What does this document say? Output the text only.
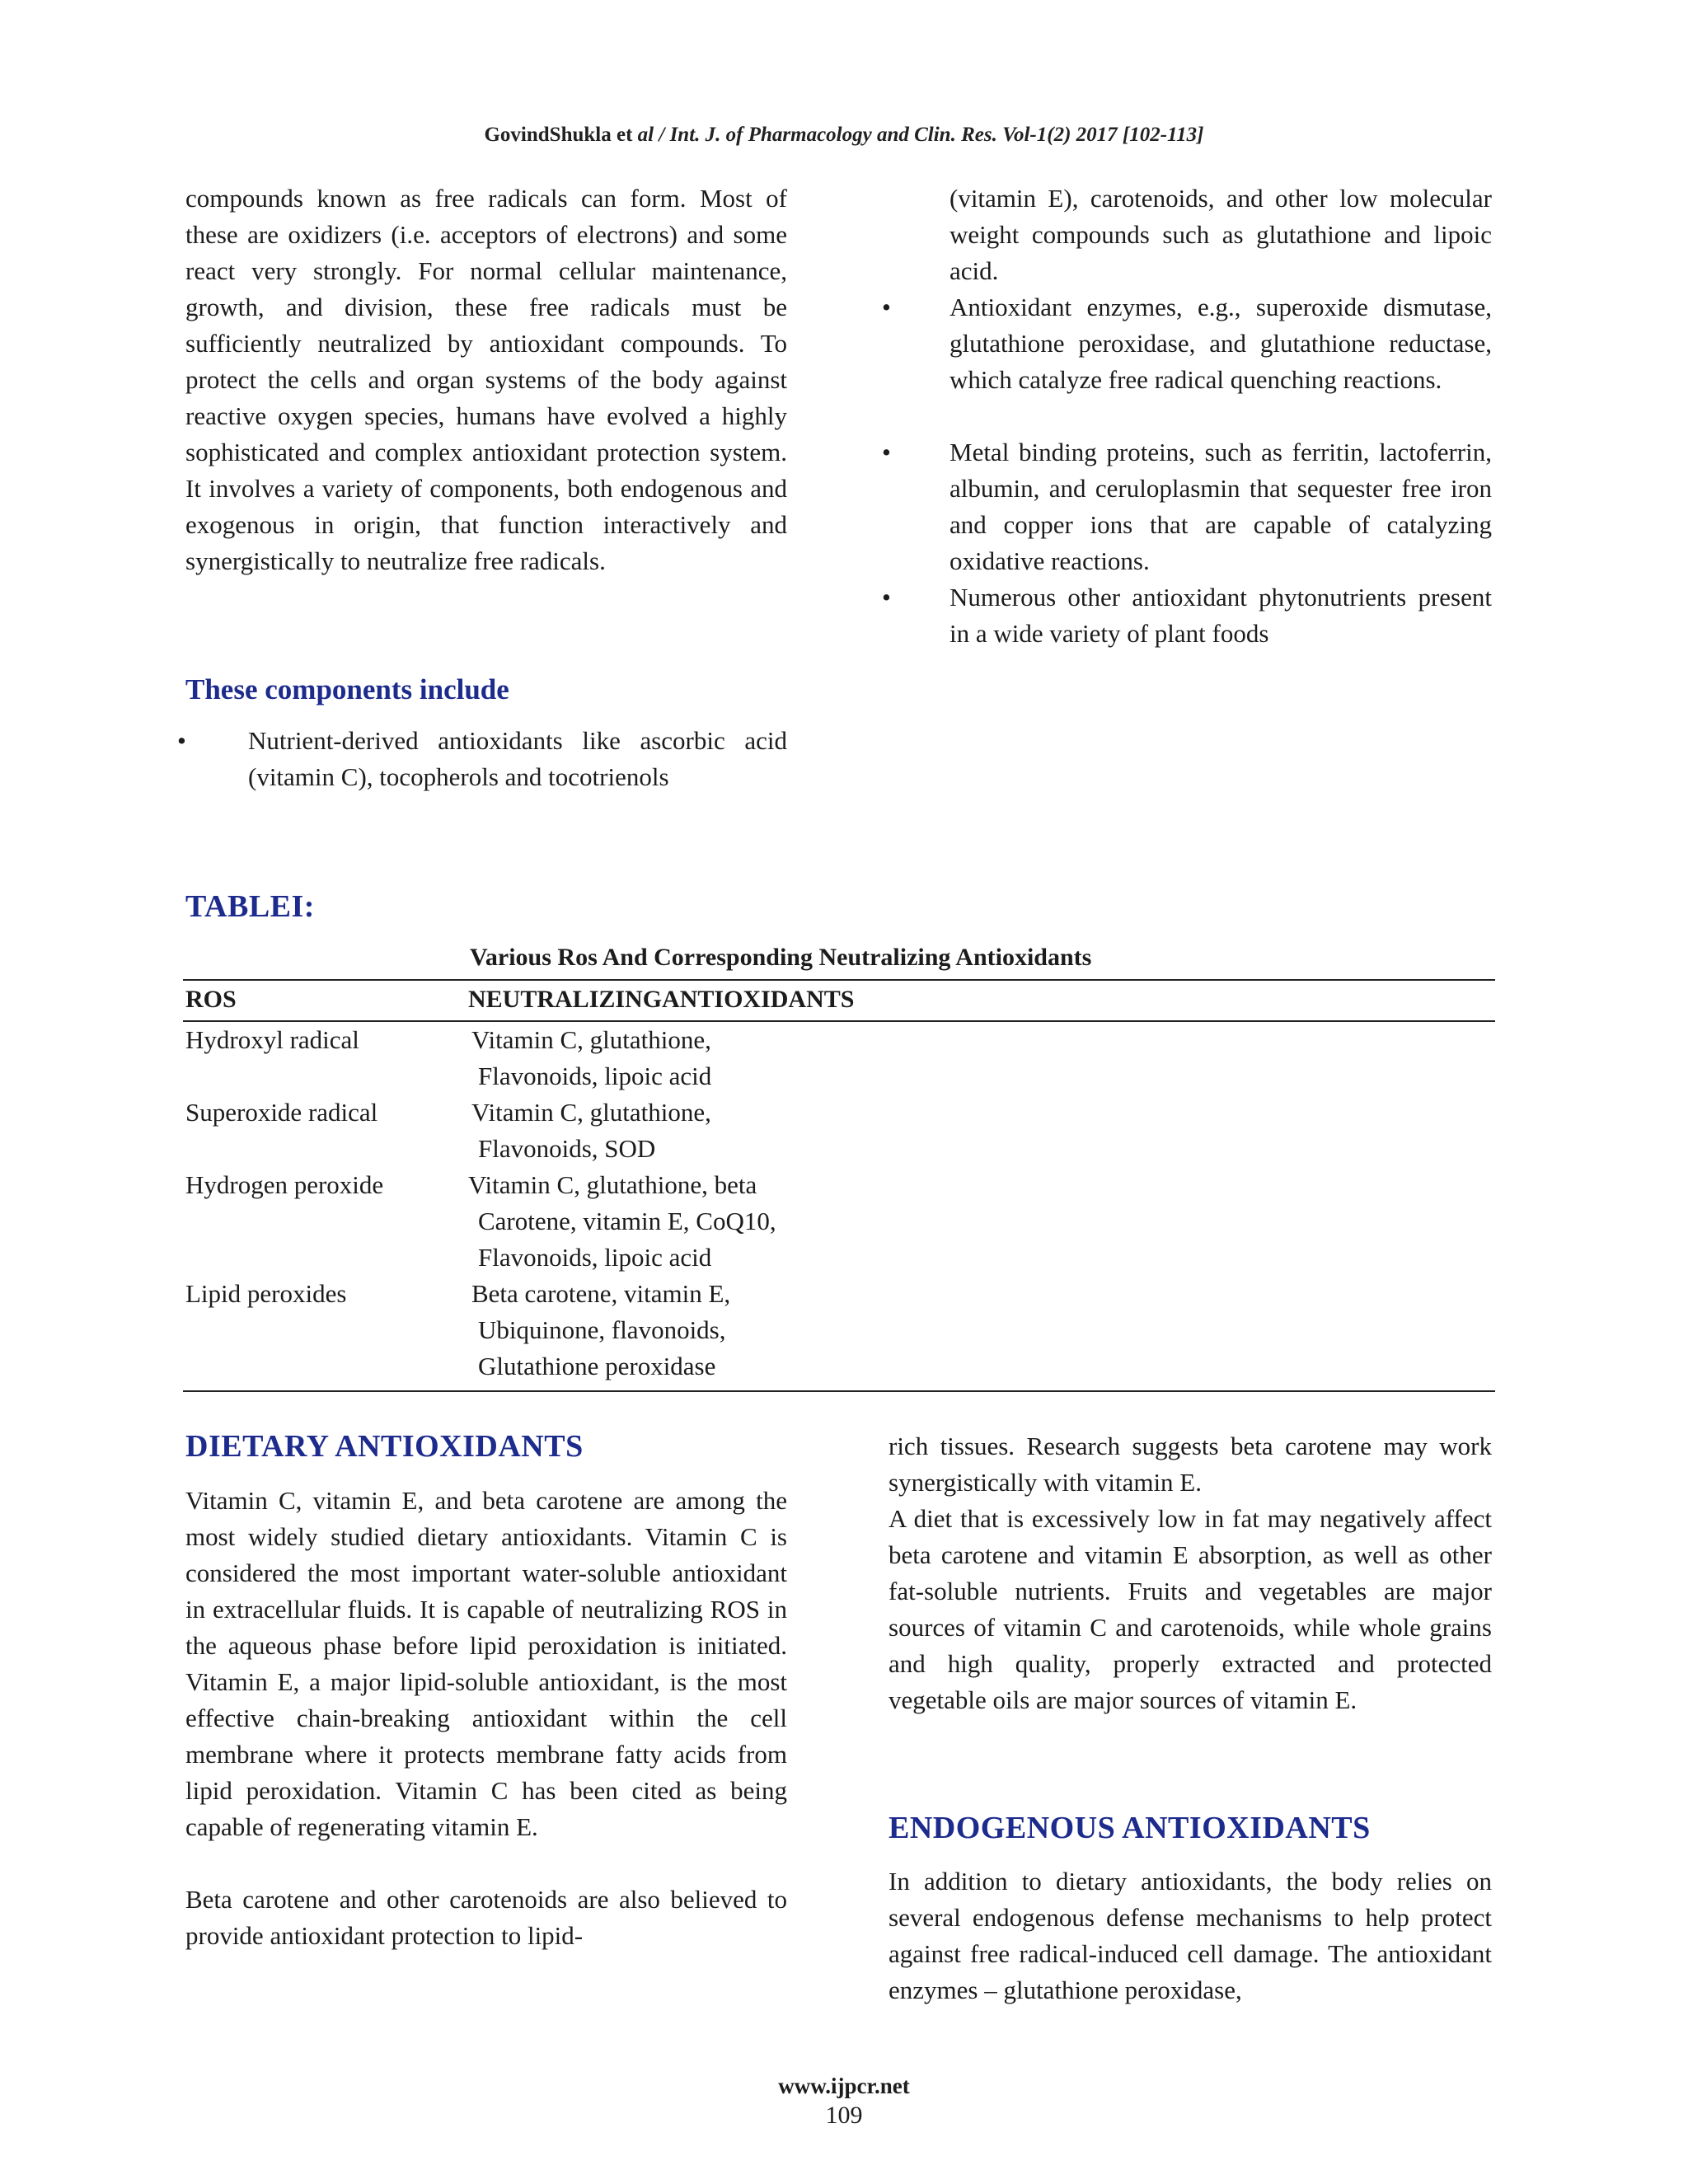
GovindShukla et al / Int. J. of Pharmacology and Clin. Res. Vol-1(2) 2017 [102-113]

compounds known as free radicals can form. Most of these are oxidizers (i.e. acceptors of electrons) and some react very strongly. For normal cellular maintenance, growth, and division, these free radicals must be sufficiently neutralized by antioxidant compounds. To protect the cells and organ systems of the body against reactive oxygen species, humans have evolved a highly sophisticated and complex antioxidant protection system. It involves a variety of components, both endogenous and exogenous in origin, that function interactively and synergistically to neutralize free radicals.

These components include
• Nutrient-derived antioxidants like ascorbic acid (vitamin C), tocopherols and tocotrienols

(vitamin E), carotenoids, and other low molecular weight compounds such as glutathione and lipoic acid.

• Antioxidant enzymes, e.g., superoxide dismutase, glutathione peroxidase, and glutathione reductase, which catalyze free radical quenching reactions.

• Metal binding proteins, such as ferritin, lactoferrin, albumin, and ceruloplasmin that sequester free iron and copper ions that are capable of catalyzing oxidative reactions.

• Numerous other antioxidant phytonutrients present in a wide variety of plant foods

TABLEI:
Various Ros And Corresponding Neutralizing Antioxidants
ROS	NEUTRALIZINGANTIOXIDANTS
Hydroxyl radical	Vitamin C, glutathione,
Flavonoids, lipoic acid
Superoxide radical	Vitamin C, glutathione,
Flavonoids, SOD
Hydrogen peroxide	Vitamin C, glutathione, beta
Carotene, vitamin E, CoQ10,
Flavonoids, lipoic acid
Lipid peroxides	Beta carotene, vitamin E,
Ubiquinone, flavonoids,
Glutathione peroxidase
DIETARY ANTIOXIDANTS

Vitamin C, vitamin E, and beta carotene are among the most widely studied dietary antioxidants. Vitamin C is considered the most important water-soluble antioxidant in extracellular fluids. It is capable of neutralizing ROS in the aqueous phase before lipid peroxidation is initiated. Vitamin E, a major lipid-soluble antioxidant, is the most effective chain-breaking antioxidant within the cell membrane where it protects membrane fatty acids from lipid peroxidation. Vitamin C has been cited as being capable of regenerating vitamin E.

Beta carotene and other carotenoids are also believed to provide antioxidant protection to lipid-

rich tissues. Research suggests beta carotene may work synergistically with vitamin E.

A diet that is excessively low in fat may negatively affect beta carotene and vitamin E absorption, as well as other fat-soluble nutrients. Fruits and vegetables are major sources of vitamin C and carotenoids, while whole grains and high quality, properly extracted and protected vegetable oils are major sources of vitamin E.

ENDOGENOUS ANTIOXIDANTS

In addition to dietary antioxidants, the body relies on several endogenous defense mechanisms to help protect against free radical-induced cell damage. The antioxidant enzymes – glutathione peroxidase,

www.ijpcr.net
109
